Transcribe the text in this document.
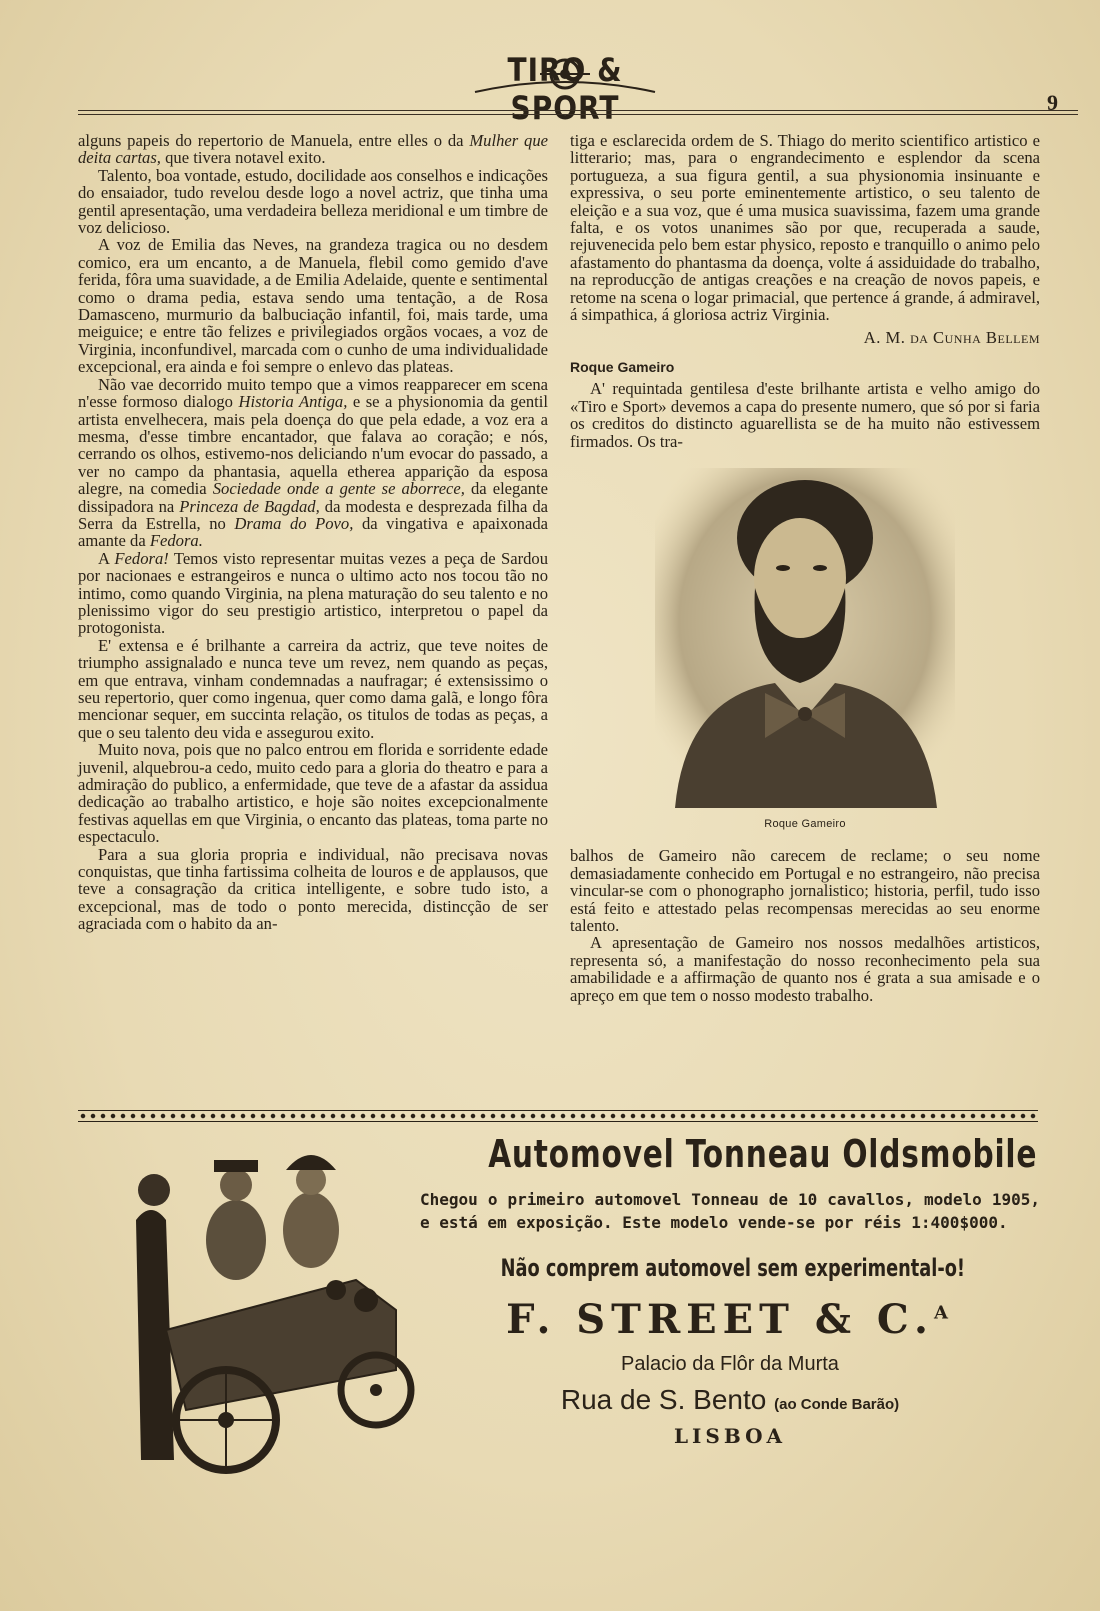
TIRO & SPORT	9

alguns papeis do repertorio de Manuela, entre elles o da Mulher que deita cartas, que tivera notavel exito.

Talento, boa vontade, estudo, docilidade aos conselhos e indicações do ensaiador, tudo revelou desde logo a novel actriz, que tinha uma gentil apresentação, uma verdadeira belleza meridional e um timbre de voz delicioso.

A voz de Emilia das Neves, na grandeza tragica ou no desdem comico, era um encanto, a de Manuela, flebil como gemido d'ave ferida, fôra uma suavidade, a de Emilia Adelaide, quente e sentimental como o drama pedia, estava sendo uma tentação, a de Rosa Damasceno, murmurio da balbuciação infantil, foi, mais tarde, uma meiguice; e entre tão felizes e privilegiados orgãos vocaes, a voz de Virginia, inconfundivel, marcada com o cunho de uma individualidade excepcional, era ainda e foi sempre o enlevo das plateas.

Não vae decorrido muito tempo que a vimos reapparecer em scena n'esse formoso dialogo Historia Antiga, e se a physionomia da gentil artista envelhecera, mais pela doença do que pela edade, a voz era a mesma, d'esse timbre encantador, que falava ao coração; e nós, cerrando os olhos, estivemo-nos deliciando n'um evocar do passado, a ver no campo da phantasia, aquella etherea apparição da esposa alegre, na comedia Sociedade onde a gente se aborrece, da elegante dissipadora na Princeza de Bagdad, da modesta e desprezada filha da Serra da Estrella, no Drama do Povo, da vingativa e apaixonada amante da Fedora.

A Fedora! Temos visto representar muitas vezes a peça de Sardou por nacionaes e estrangeiros e nunca o ultimo acto nos tocou tão no intimo, como quando Virginia, na plena maturação do seu talento e no plenissimo vigor do seu prestigio artistico, interpretou o papel da protogonista.

E' extensa e é brilhante a carreira da actriz, que teve noites de triumpho assignalado e nunca teve um revez, nem quando as peças, em que entrava, vinham condemnadas a naufragar; é extensissimo o seu repertorio, quer como ingenua, quer como dama galã, e longo fôra mencionar sequer, em succinta relação, os titulos de todas as peças, a que o seu talento deu vida e assegurou exito.

Muito nova, pois que no palco entrou em florida e sorridente edade juvenil, alquebrou-a cedo, muito cedo para a gloria do theatro e para a admiração do publico, a enfermidade, que teve de a afastar da assidua dedicação ao trabalho artistico, e hoje são noites excepcionalmente festivas aquellas em que Virginia, o encanto das plateas, toma parte no espectaculo.

Para a sua gloria propria e individual, não precisava novas conquistas, que tinha fartissima colheita de louros e de applausos, que teve a consagração da critica intelligente, e sobre tudo isto, a excepcional, mas de todo o ponto merecida, distincção de ser agraciada com o habito da an-

tiga e esclarecida ordem de S. Thiago do merito scientifico artistico e litterario; mas, para o engrandecimento e esplendor da scena portugueza, a sua figura gentil, a sua physionomia insinuante e expressiva, o seu porte eminentemente artistico, o seu talento de eleição e a sua voz, que é uma musica suavissima, fazem uma grande falta, e os votos unanimes são por que, recuperada a saude, rejuvenecida pelo bem estar physico, reposto e tranquillo o animo pelo afastamento do phantasma da doença, volte á assiduidade do trabalho, na reproducção de antigas creações e na creação de novos papeis, e retome na scena o logar primacial, que pertence á grande, á admiravel, á simpathica, á gloriosa actriz Virginia.

A. M. da Cunha Bellem

Roque Gameiro

A' requintada gentilesa d'este brilhante artista e velho amigo do «Tiro e Sport» devemos a capa do presente numero, que só por si faria os creditos do distincto aguarellista se de ha muito não estivessem firmados. Os tra-

Roque Gameiro

balhos de Gameiro não carecem de reclame; o seu nome demasiadamente conhecido em Portugal e no estrangeiro, não precisa vincular-se com o phonographo jornalistico; historia, perfil, tudo isso está feito e attestado pelas recompensas merecidas ao seu enorme talento.

A apresentação de Gameiro nos nossos medalhões artisticos, representa só, a manifestação do nosso reconhecimento pela sua amabilidade e a affirmação de quanto nos é grata a sua amisade e o apreço em que tem o nosso modesto trabalho.

Automovel Tonneau Oldsmobile

Chegou o primeiro automovel Tonneau de 10 cavallos, modelo 1905, e está em exposição. Este modelo vende-se por réis 1:400$000.

Não comprem automovel sem experimental-o!
F. STREET & C.$^A$
Palacio da Flôr da Murta
Rua de S. Bento (ao Conde Barão)
LISBOA
